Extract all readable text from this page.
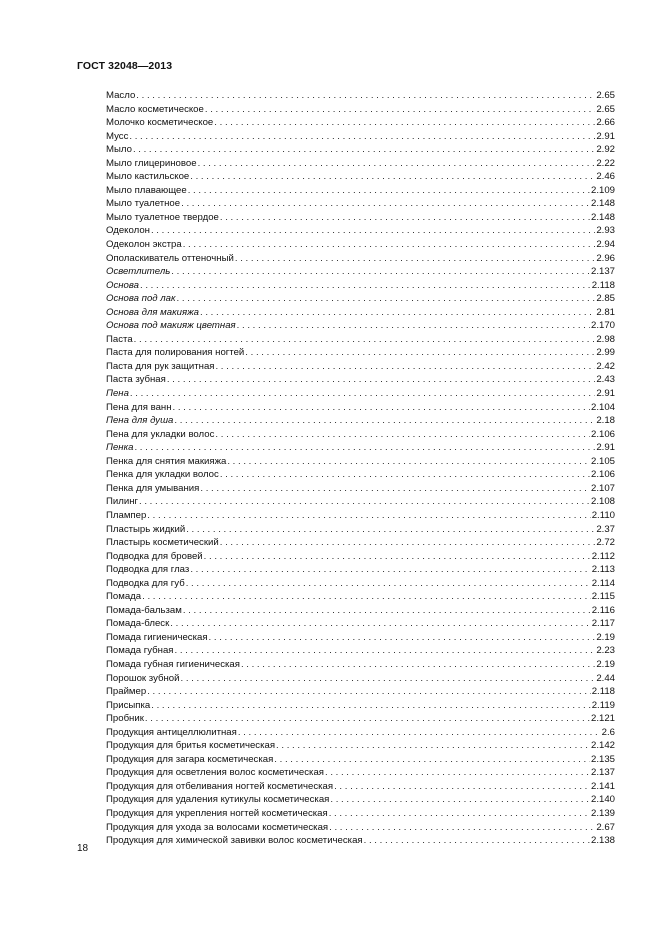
ГОСТ 32048—2013
Масло . . .	2.65
Масло косметическое . . .	2.65
Молочко косметическое . . .	2.66
Мусс . . .	2.91
Мыло . . .	2.92
Мыло глицериновое . . .	2.22
Мыло кастильское . . .	2.46
Мыло плавающее . . .	2.109
Мыло туалетное . . .	2.148
Мыло туалетное твердое . . .	2.148
Одеколон . . .	2.93
Одеколон экстра . . .	2.94
Ополаскиватель оттеночный . . .	2.96
Осветлитель . . .	2.137
Основа . . .	2.118
Основа под лак . . .	2.85
Основа для макияжа . . .	2.81
Основа под макияж цветная . . .	2.170
Паста . . .	2.98
Паста для полирования ногтей . . .	2.99
Паста для рук защитная . . .	2.42
Паста зубная . . .	2.43
Пена . . .	2.91
Пена для ванн . . .	2.104
Пена для душа . . .	2.18
Пена для укладки волос . . .	2.106
Пенка . . .	2.91
Пенка для снятия макияжа . . .	2.105
Пенка для укладки волос . . .	2.106
Пенка для умывания . . .	2.107
Пилинг . . .	2.108
Плампер . . .	2.110
Пластырь жидкий . . .	2.37
Пластырь косметический . . .	2.72
Подводка для бровей . . .	2.112
Подводка для глаз . . .	2.113
Подводка для губ . . .	2.114
Помада . . .	2.115
Помада-бальзам . . .	2.116
Помада-блеск . . .	2.117
Помада гигиеническая . . .	2.19
Помада губная . . .	2.23
Помада губная гигиеническая . . .	2.19
Порошок зубной . . .	2.44
Праймер . . .	2.118
Присыпка . . .	2.119
Пробник . . .	2.121
Продукция антицеллюлитная . . .	2.6
Продукция для бритья косметическая . . .	2.142
Продукция для загара косметическая . . .	2.135
Продукция для осветления волос косметическая . . .	2.137
Продукция для отбеливания ногтей косметическая . . .	2.141
Продукция для удаления кутикулы косметическая . . .	2.140
Продукция для укрепления ногтей косметическая . . .	2.139
Продукция для ухода за волосами косметическая . . .	2.67
Продукция для химической завивки волос косметическая . . .	2.138
18
